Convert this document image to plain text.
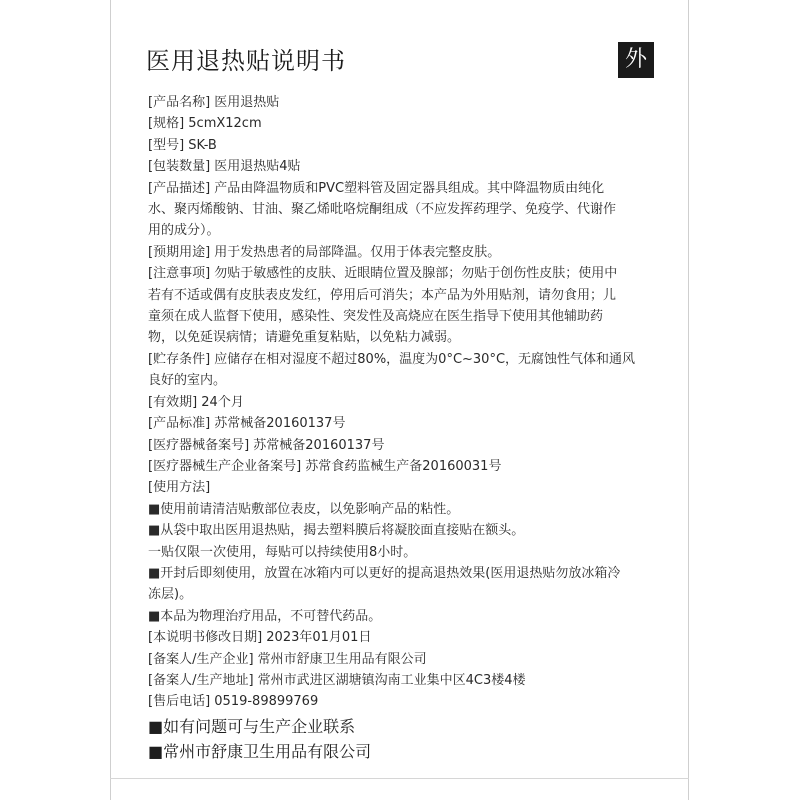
医用退热贴说明书	外

[产品名称] 医用退热贴

[规格] 5cmX12cm

[型号] SK-B

[包装数量] 医用退热贴4贴

[产品描述] 产品由降温物质和PVC塑料管及固定器具组成。其中降温物质由纯化

水、聚丙烯酸钠、甘油、聚乙烯吡咯烷酮组成（不应发挥药理学、免疫学、代谢作

用的成分）。

[预期用途] 用于发热患者的局部降温。仅用于体表完整皮肤。

[注意事项] 勿贴于敏感性的皮肤、近眼睛位置及腺部；勿贴于创伤性皮肤；使用中

若有不适或偶有皮肤表皮发红，停用后可消失；本产品为外用贴剂，请勿食用；儿

童须在成人监督下使用，感染性、突发性及高烧应在医生指导下使用其他辅助药

物，以免延误病情；请避免重复粘贴，以免粘力减弱。

[贮存条件] 应储存在相对湿度不超过80%，温度为0°C~30°C，无腐蚀性气体和通风

良好的室内。

[有效期] 24个月

[产品标准] 苏常械备20160137号

[医疗器械备案号] 苏常械备20160137号

[医疗器械生产企业备案号] 苏常食药监械生产备20160031号

[使用方法]

■使用前请清洁贴敷部位表皮，以免影响产品的粘性。

■从袋中取出医用退热贴，揭去塑料膜后将凝胶面直接贴在额头。

一贴仅限一次使用，每贴可以持续使用8小时。

■开封后即刻使用，放置在冰箱内可以更好的提高退热效果(医用退热贴勿放冰箱冷

冻层)。

■本品为物理治疗用品，不可替代药品。

[本说明书修改日期] 2023年01月01日

[备案人/生产企业] 常州市舒康卫生用品有限公司

[备案人/生产地址] 常州市武进区湖塘镇沟南工业集中区4C3楼4楼

[售后电话] 0519-89899769

■如有问题可与生产企业联系

■常州市舒康卫生用品有限公司
